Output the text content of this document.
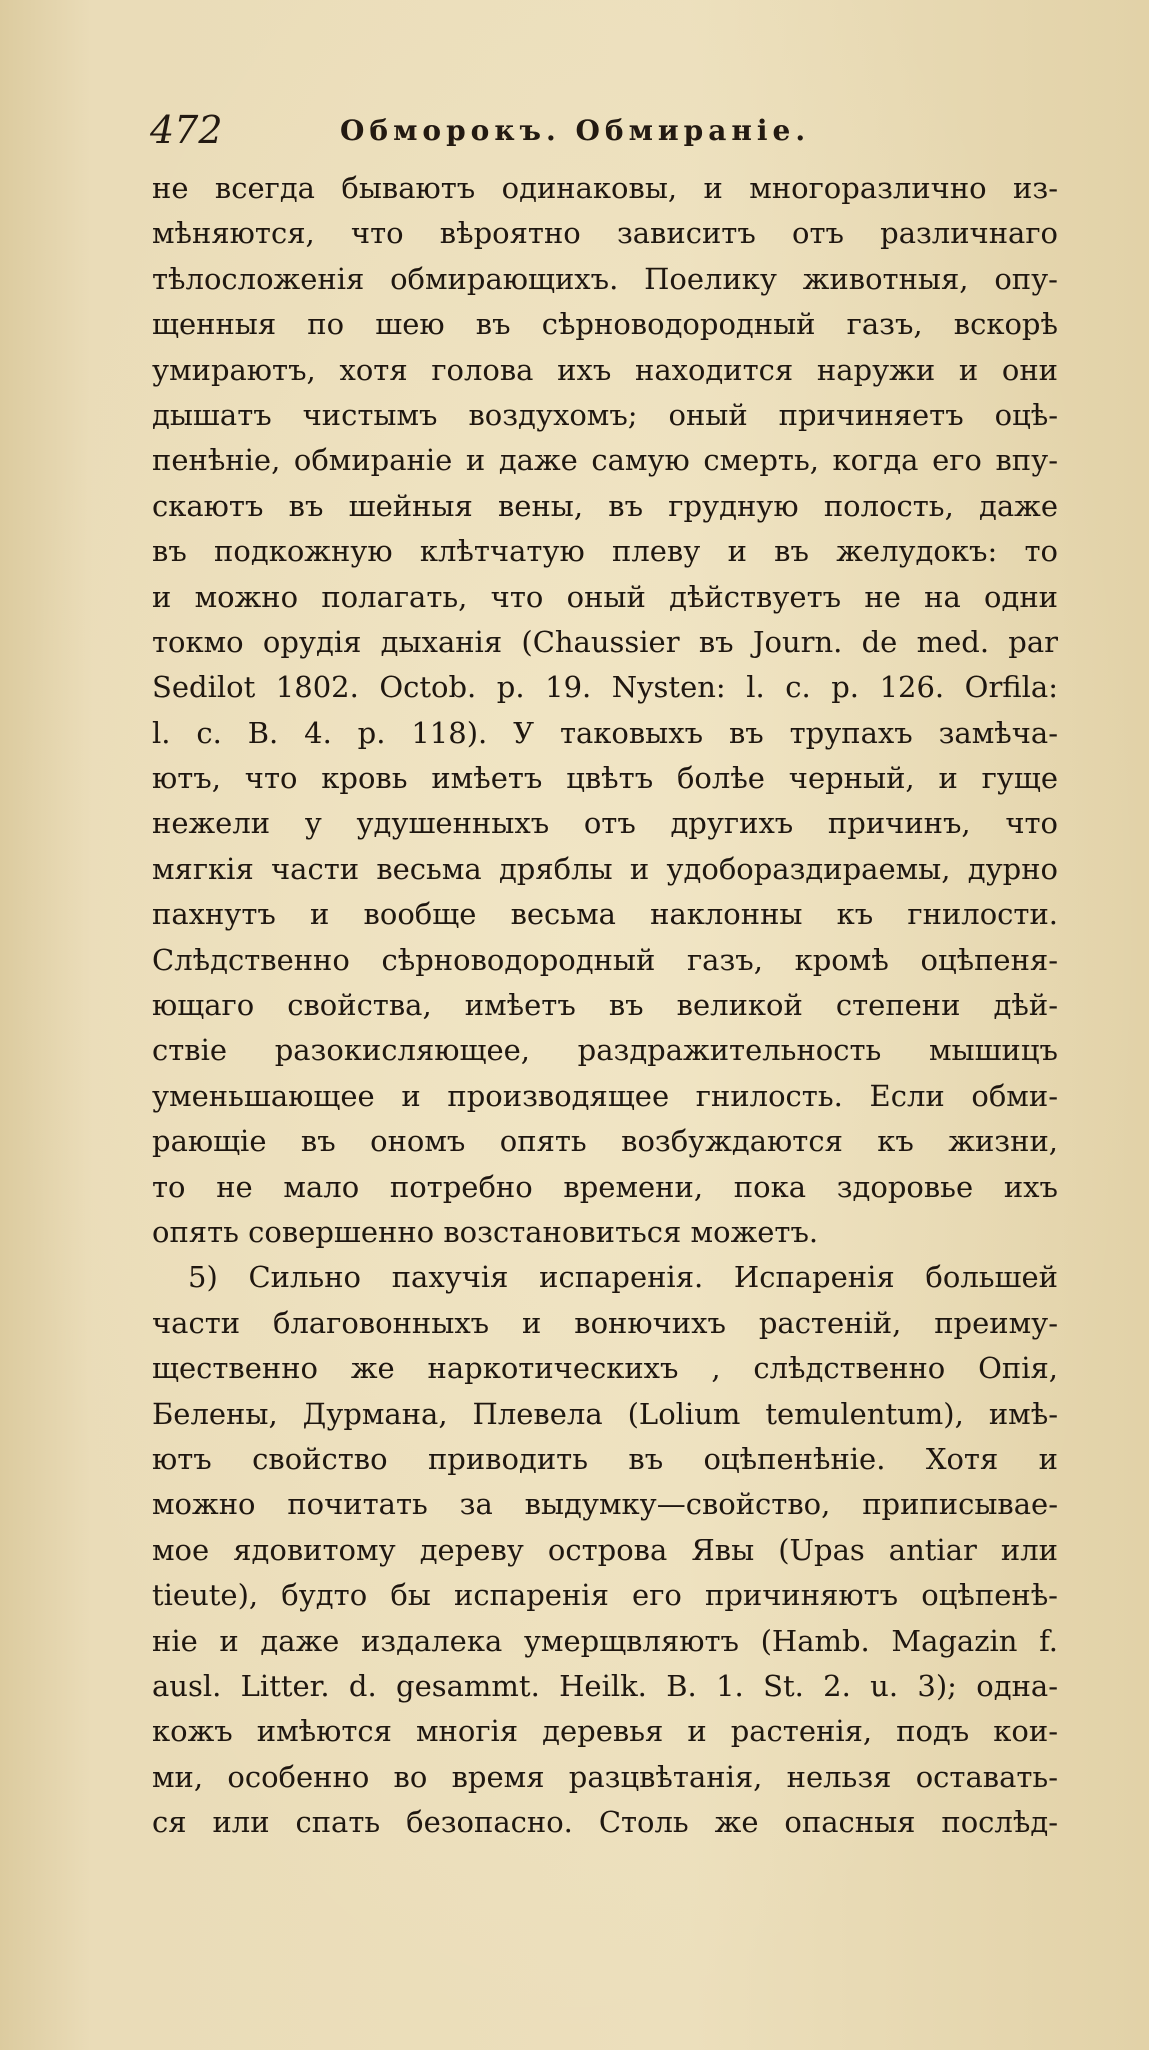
472	Обморокъ. Обмираніе.
не всегда бываютъ одинаковы, и многоразлично из-
мѣняются, что вѣроятно зависитъ отъ различнаго
тѣлосложенія обмирающихъ. Поелику животныя, опу-
щенныя по шею въ сѣрноводородный газъ, вскорѣ
умираютъ, хотя голова ихъ находится наружи и они
дышатъ чистымъ воздухомъ; оный причиняетъ оцѣ-
пенѣніе, обмираніе и даже самую смерть, когда его впу-
скаютъ въ шейныя вены, въ грудную полость, даже
въ подкожную клѣтчатую плеву и въ желудокъ: то
и можно полагать, что оный дѣйствуетъ не на одни
токмо орудія дыханія (Chaussier въ Journ. de med. par
Sedilot 1802. Octob. p. 19. Nysten: l. c. p. 126. Orfila:
l. c. B. 4. p. 118). У таковыхъ въ трупахъ замѣча-
ютъ, что кровь имѣетъ цвѣтъ болѣе черный, и гуще
нежели у удушенныхъ отъ другихъ причинъ, что
мягкія части весьма дряблы и удобораздираемы, дурно
пахнутъ и вообще весьма наклонны къ гнилости.
Слѣдственно сѣрноводородный газъ, кромѣ оцѣпеня-
ющаго свойства, имѣетъ въ великой степени дѣй-
ствіе разокисляющее, раздражительность мышицъ
уменьшающее и производящее гнилость. Если обми-
рающіе въ ономъ опять возбуждаются къ жизни,
то не мало потребно времени, пока здоровье ихъ
опять совершенно возстановиться можетъ.
5) Сильно пахучія испаренія. Испаренія большей
части благовонныхъ и вонючихъ растеній, преиму-
щественно же наркотическихъ , слѣдственно Опія,
Белены, Дурмана, Плевела (Lolium temulentum), имѣ-
ютъ свойство приводить въ оцѣпенѣніе. Хотя и
можно почитать за выдумку—свойство, приписывае-
мое ядовитому дереву острова Явы (Upas antiar или
tieute), будто бы испаренія его причиняютъ оцѣпенѣ-
ніе и даже издалека умерщвляютъ (Hamb. Magazin f.
ausl. Litter. d. gesammt. Heilk. B. 1. St. 2. u. 3); одна-
кожъ имѣются многія деревья и растенія, подъ кои-
ми, особенно во время разцвѣтанія, нельзя оставать-
ся или спать безопасно. Столь же опасныя послѣд-
